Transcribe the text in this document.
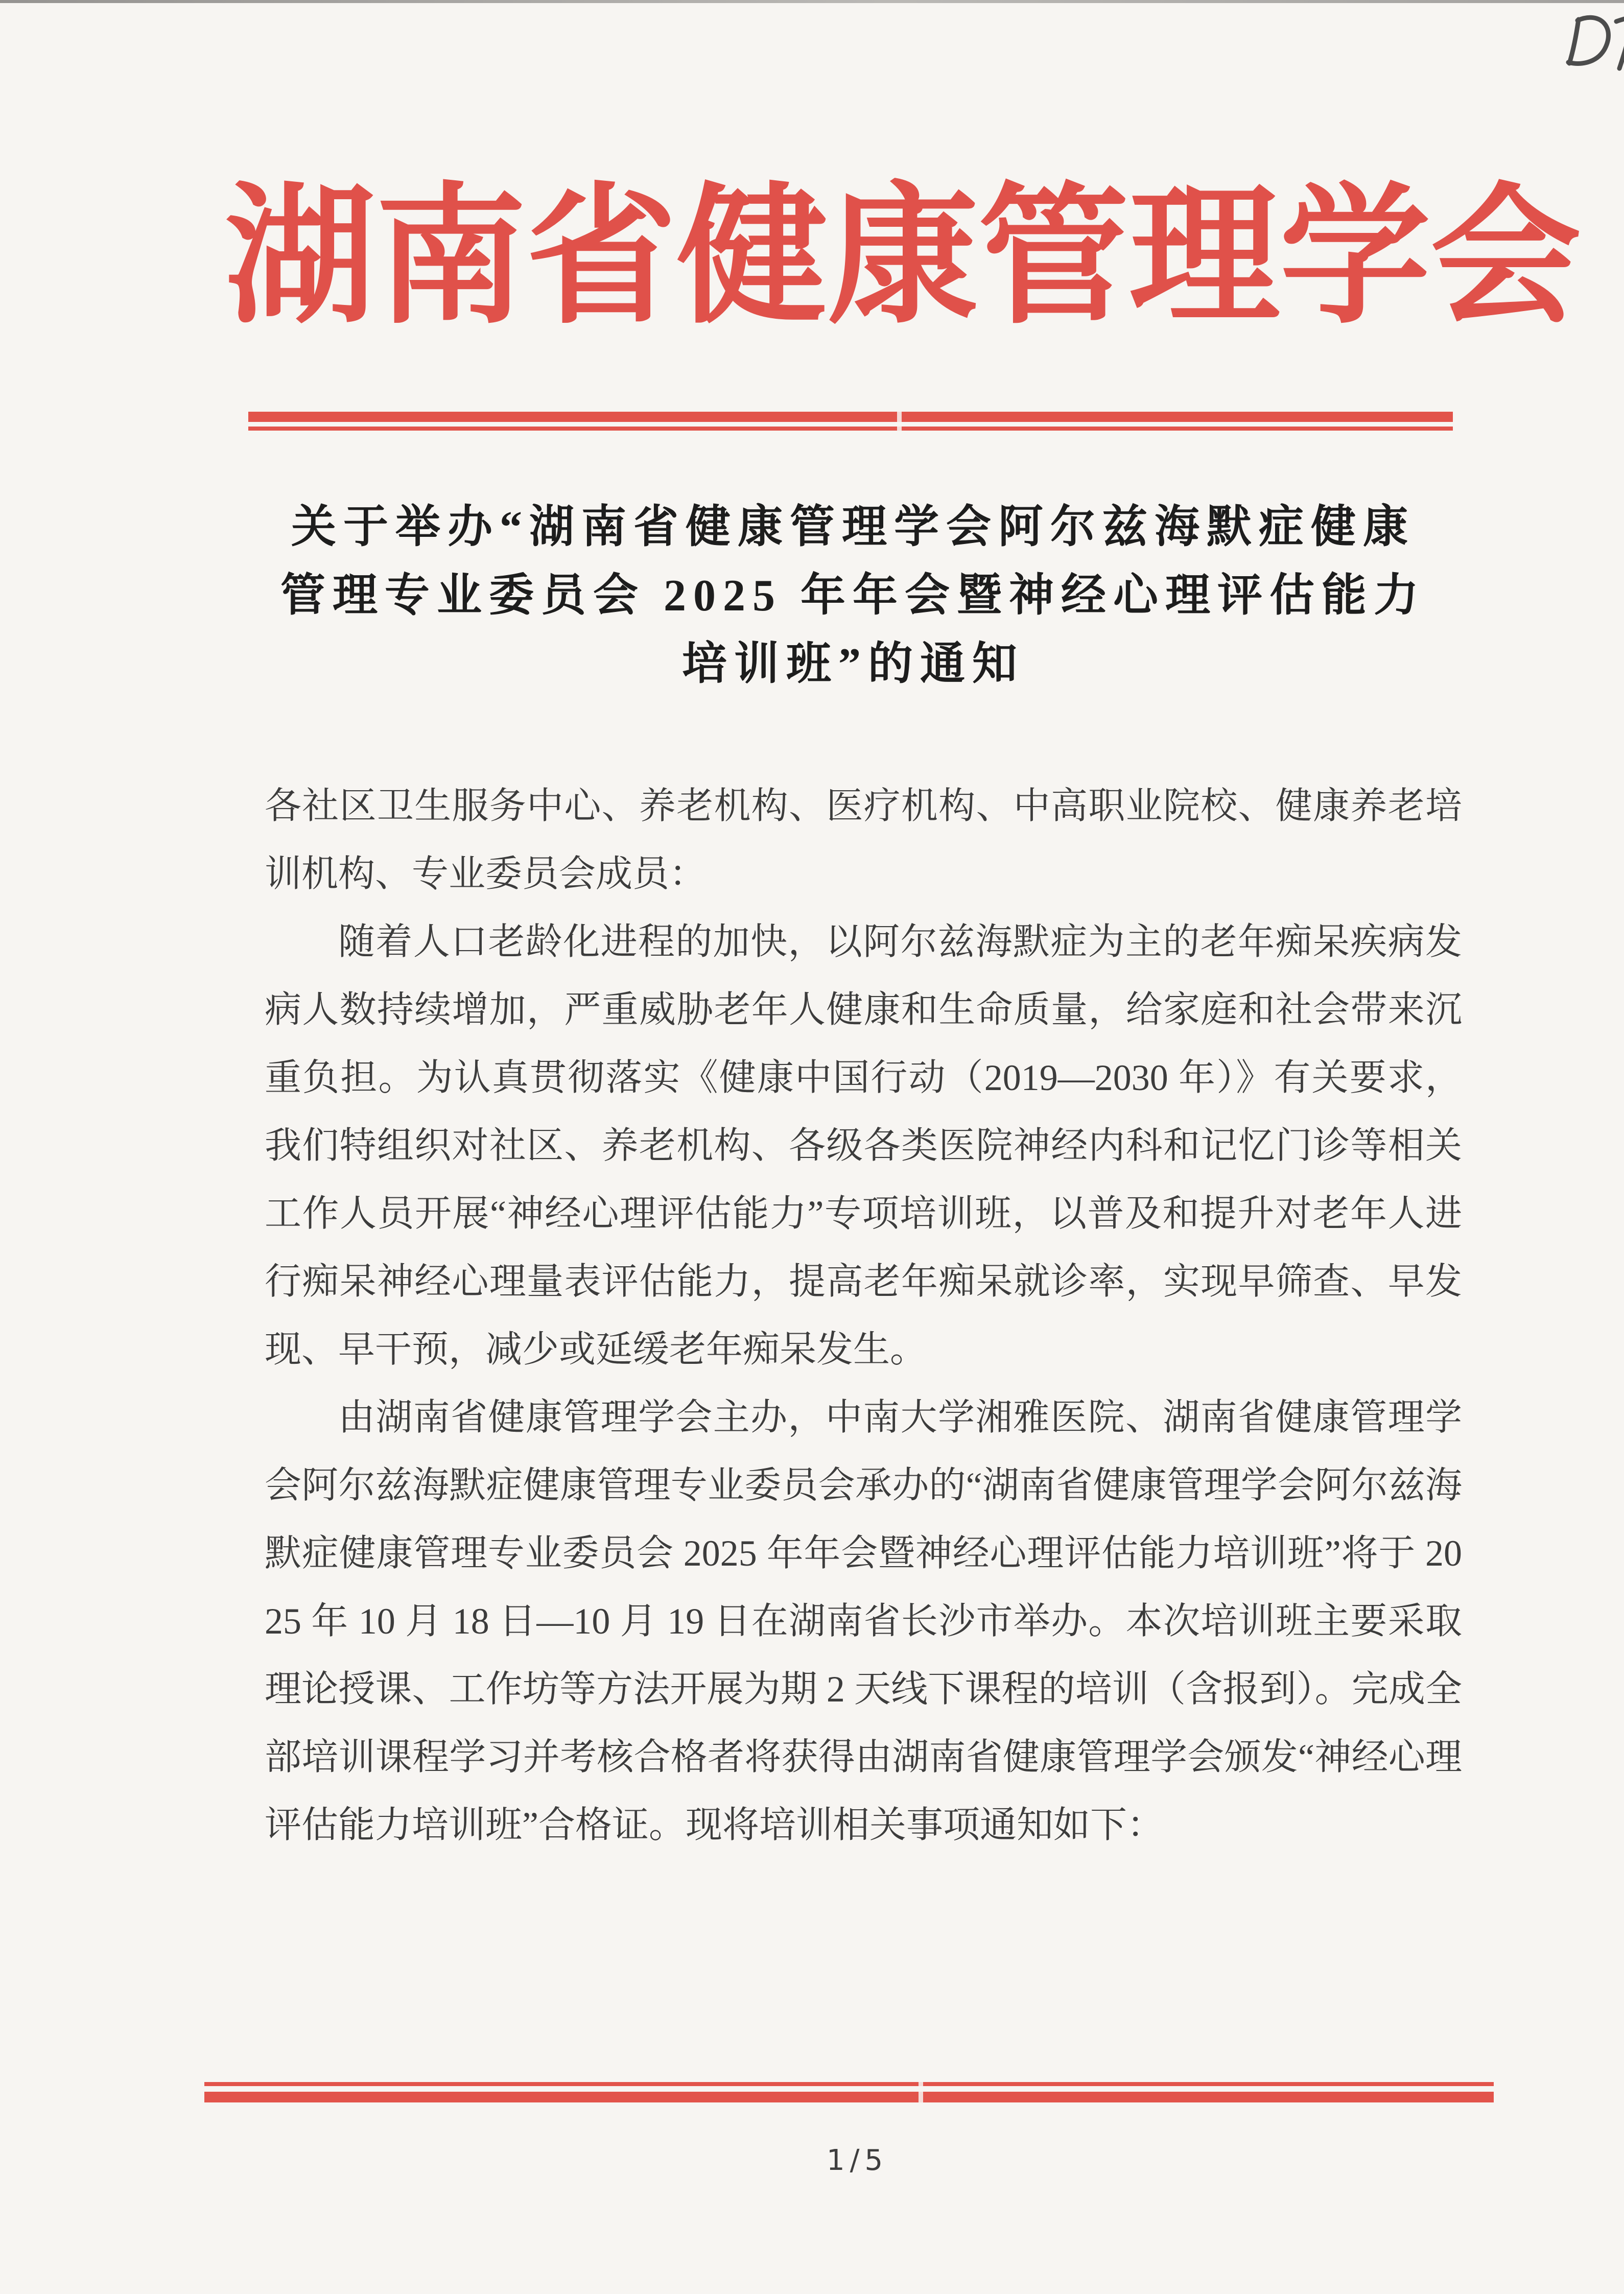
湖南省健康管理学会
关于举办“湖南省健康管理学会阿尔兹海默症健康
管理专业委员会 2025 年年会暨神经心理评估能力
培训班”的通知

各社区卫生服务中心、养老机构、医疗机构、中高职业院校、健康养老培训机构、专业委员会成员：

随着人口老龄化进程的加快，以阿尔兹海默症为主的老年痴呆疾病发病人数持续增加，严重威胁老年人健康和生命质量，给家庭和社会带来沉重负担。为认真贯彻落实《健康中国行动（2019—2030 年）》有关要求，我们特组织对社区、养老机构、各级各类医院神经内科和记忆门诊等相关工作人员开展“神经心理评估能力”专项培训班，以普及和提升对老年人进行痴呆神经心理量表评估能力，提高老年痴呆就诊率，实现早筛查、早发现、早干预，减少或延缓老年痴呆发生。

由湖南省健康管理学会主办，中南大学湘雅医院、湖南省健康管理学会阿尔兹海默症健康管理专业委员会承办的“湖南省健康管理学会阿尔兹海默症健康管理专业委员会 2025 年年会暨神经心理评估能力培训班”将于 2025 年 10 月 18 日—10 月 19 日在湖南省长沙市举办。本次培训班主要采取理论授课、工作坊等方法开展为期 2 天线下课程的培训（含报到）。完成全部培训课程学习并考核合格者将获得由湖南省健康管理学会颁发“神经心理评估能力培训班”合格证。现将培训相关事项通知如下：

1/5
